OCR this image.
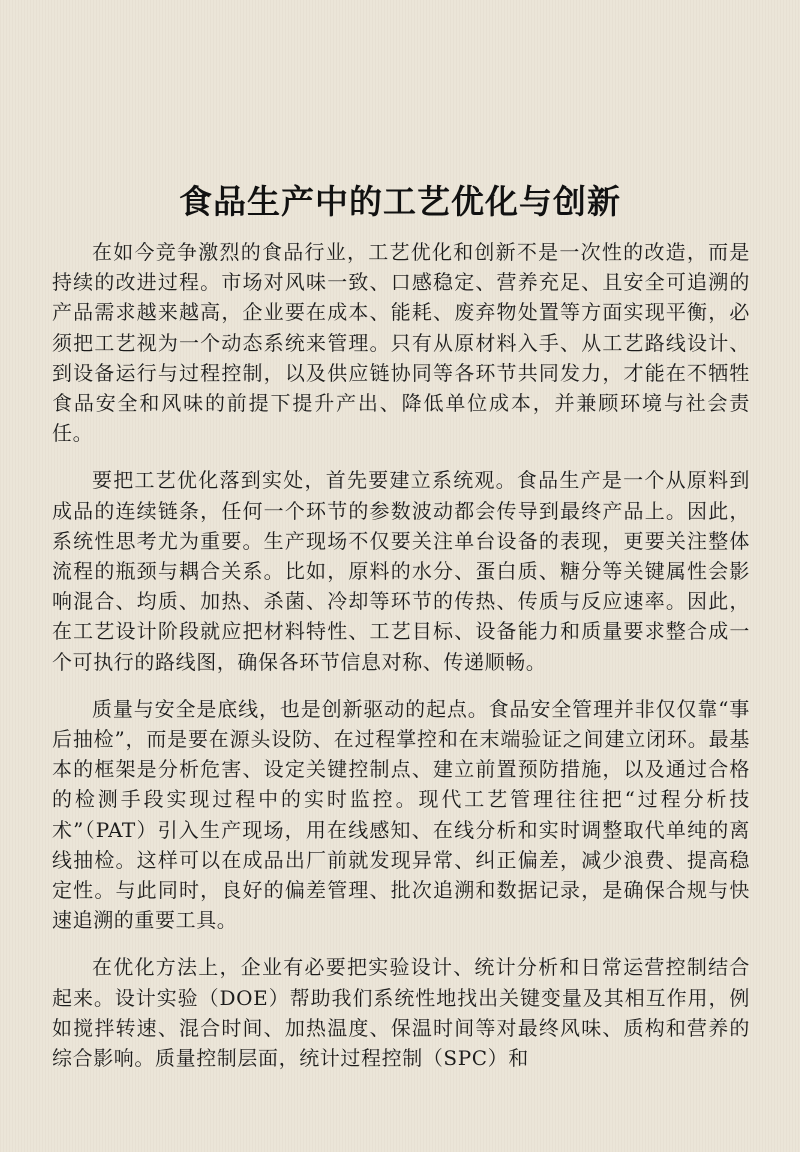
食品生产中的工艺优化与创新

在如今竞争激烈的食品行业，工艺优化和创新不是一次性的改造，而是持续的改进过程。市场对风味一致、口感稳定、营养充足、且安全可追溯的产品需求越来越高，企业要在成本、能耗、废弃物处置等方面实现平衡，必须把工艺视为一个动态系统来管理。只有从原材料入手、从工艺路线设计、到设备运行与过程控制，以及供应链协同等各环节共同发力，才能在不牺牲食品安全和风味的前提下提升产出、降低单位成本，并兼顾环境与社会责任。

要把工艺优化落到实处，首先要建立系统观。食品生产是一个从原料到成品的连续链条，任何一个环节的参数波动都会传导到最终产品上。因此，系统性思考尤为重要。生产现场不仅要关注单台设备的表现，更要关注整体流程的瓶颈与耦合关系。比如，原料的水分、蛋白质、糖分等关键属性会影响混合、均质、加热、杀菌、冷却等环节的传热、传质与反应速率。因此，在工艺设计阶段就应把材料特性、工艺目标、设备能力和质量要求整合成一个可执行的路线图，确保各环节信息对称、传递顺畅。

质量与安全是底线，也是创新驱动的起点。食品安全管理并非仅仅靠“事后抽检”，而是要在源头设防、在过程掌控和在末端验证之间建立闭环。最基本的框架是分析危害、设定关键控制点、建立前置预防措施，以及通过合格的检测手段实现过程中的实时监控。现代工艺管理往往把“过程分析技术”（PAT）引入生产现场，用在线感知、在线分析和实时调整取代单纯的离线抽检。这样可以在成品出厂前就发现异常、纠正偏差，减少浪费、提高稳定性。与此同时，良好的偏差管理、批次追溯和数据记录，是确保合规与快速追溯的重要工具。

在优化方法上，企业有必要把实验设计、统计分析和日常运营控制结合起来。设计实验（DOE）帮助我们系统性地找出关键变量及其相互作用，例如搅拌转速、混合时间、加热温度、保温时间等对最终风味、质构和营养的综合影响。质量控制层面，统计过程控制（SPC）和
